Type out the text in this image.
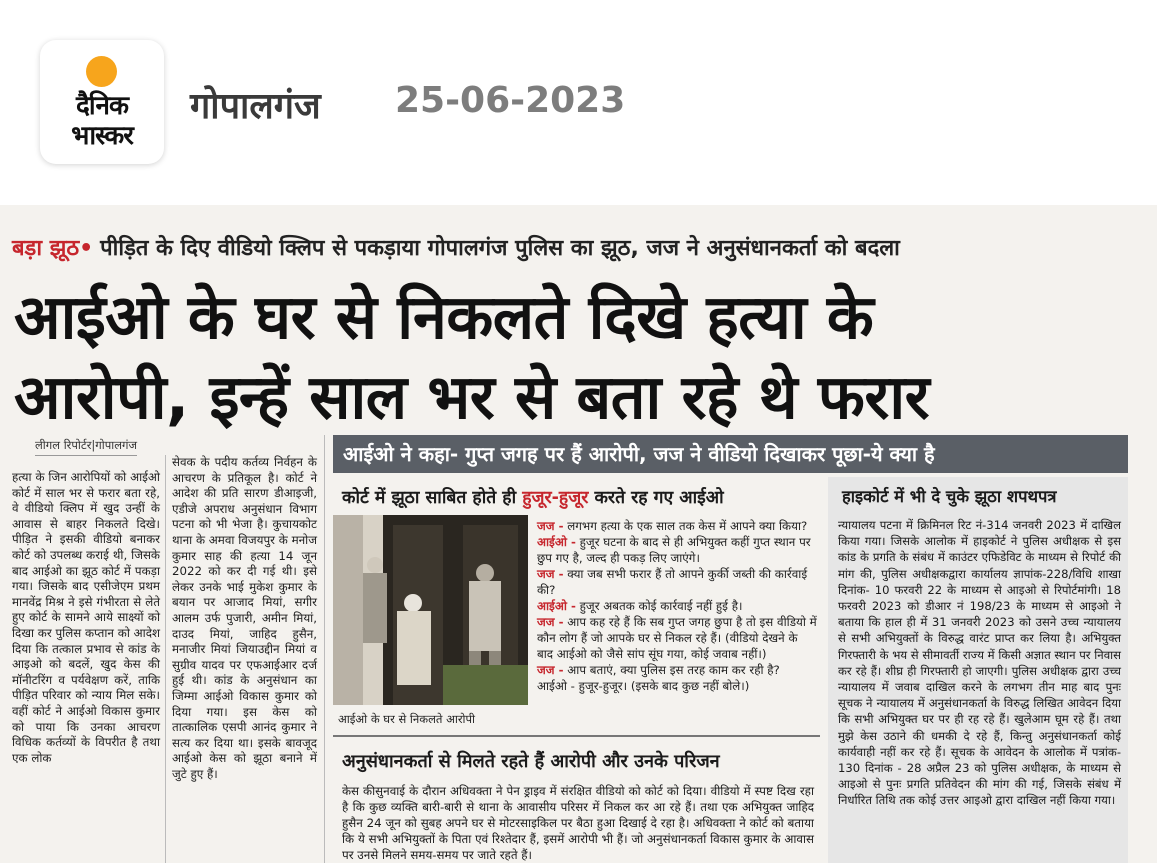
दैनिक
भास्कर
गोपालगंज 25-06-2023
बड़ा झूठ• पीड़ित के दिए वीडियो क्लिप से पकड़ाया गोपालगंज पुलिस का झूठ, जज ने अनुसंधानकर्ता को बदला
आईओ के घर से निकलते दिखे हत्या के
आरोपी, इन्हें साल भर से बता रहे थे फरार
लीगल रिपोर्टर|गोपालगंज
हत्या के जिन आरोपियों को आईओ कोर्ट में साल भर से फरार बता रहे, वे वीडियो क्लिप में खुद उन्हीं के आवास से बाहर निकलते दिखे। पीड़ित ने इसकी वीडियो बनाकर कोर्ट को उपलब्ध कराई थी, जिसके बाद आईओ का झूठ कोर्ट में पकड़ा गया। जिसके बाद एसीजेएम प्रथम मानवेंद्र मिश्र ने इसे गंभीरता से लेते हुए कोर्ट के सामने आये साक्ष्यों को दिखा कर पुलिस कप्तान को आदेश दिया कि तत्काल प्रभाव से कांड के आइओ को बदलें, खुद केस की मॉनीटरिंग व पर्यवेक्षण करें, ताकि पीड़ित परिवार को न्याय मिल सके। वहीं कोर्ट ने आईओ विकास कुमार को पाया कि उनका आचरण विधिक कर्तव्यों के विपरीत है तथा एक लोक
सेवक के पदीय कर्तव्य निर्वहन के आचरण के प्रतिकूल है। कोर्ट ने आदेश की प्रति सारण डीआइजी, एडीजे अपराध अनुसंधान विभाग पटना को भी भेजा है। कुचायकोट थाना के अमवा विजयपुर के मनोज कुमार साह की हत्या 14 जून 2022 को कर दी गई थी। इसे लेकर उनके भाई मुकेश कुमार के बयान पर आजाद मियां, सगीर आलम उर्फ पुजारी, अमीन मियां, दाउद मियां, जाहिद हुसैन, मनाजीर मियां जियाउद्दीन मियां व सुग्रीव यादव पर एफआईआर दर्ज हुई थी। कांड के अनुसंधान का जिम्मा आईओ विकास कुमार को दिया गया। इस केस को तात्कालिक एसपी आनंद कुमार ने सत्य कर दिया था। इसके बावजूद आईओ केस को झूठा बनाने में जुटे हुए हैं।
आईओ ने कहा- गुप्त जगह पर हैं आरोपी, जज ने वीडियो दिखाकर पूछा-ये क्या है
कोर्ट में झूठा साबित होते ही हुजूर-हुजूर करते रह गए आईओ
आईओ के घर से निकलते आरोपी
जज - लगभग हत्या के एक साल तक केस में आपने क्या किया?
आईओ - हुजूर घटना के बाद से ही अभियुक्त कहीं गुप्त स्थान पर छुप गए है, जल्द ही पकड़ लिए जाएंगे।
जज - क्या जब सभी फरार हैं तो आपने कुर्की जब्ती की कार्रवाई की?
आईओ - हुजूर अबतक कोई कार्रवाई नहीं हुई है।
जज - आप कह रहे हैं कि सब गुप्त जगह छुपा है तो इस वीडियो में कौन लोग हैं जो आपके घर से निकल रहे हैं। (वीडियो देखने के बाद आईओ को जैसे सांप सूंघ गया, कोई जवाब नहीं।)
जज - आप बताएं, क्या पुलिस इस तरह काम कर रही है?
आईओ - हुजूर-हुजूर। (इसके बाद कुछ नहीं बोले।)
अनुसंधानकर्ता से मिलते रहते हैं आरोपी और उनके परिजन
केस कीसुनवाई के दौरान अधिवक्ता ने पेन ड्राइव में संरक्षित वीडियो को कोर्ट को दिया। वीडियो में स्पष्ट दिख रहा है कि कुछ व्यक्ति बारी-बारी से थाना के आवासीय परिसर में निकल कर आ रहे हैं। तथा एक अभियुक्त जाहिद हुसैन 24 जून को सुबह अपने घर से मोटरसाइकिल पर बैठा हुआ दिखाई दे रहा है। अधिवक्ता ने कोर्ट को बताया कि ये सभी अभियुक्तों के पिता एवं रिश्तेदार हैं, इसमें आरोपी भी हैं। जो अनुसंधानकर्ता विकास कुमार के आवास पर उनसे मिलने समय-समय पर जाते रहते हैं।
हाइकोर्ट में भी दे चुके झूठा शपथपत्र
न्यायालय पटना में क्रिमिनल रिट नं-314 जनवरी 2023 में दाखिल किया गया। जिसके आलोक में हाइकोर्ट ने पुलिस अधीक्षक से इस कांड के प्रगति के संबंध में काउंटर एफिडेविट के माध्यम से रिपोर्ट की मांग की, पुलिस अधीक्षकद्वारा कार्यालय ज्ञापांक-228/विधि शाखा दिनांक- 10 फरवरी 22 के माध्यम से आइओ से रिपोर्टमांगी। 18 फरवरी 2023 को डीआर नं 198/23 के माध्यम से आइओ ने बताया कि हाल ही में 31 जनवरी 2023 को उसने उच्च न्यायालय से सभी अभियुक्तों के विरुद्ध वारंट प्राप्त कर लिया है। अभियुक्त गिरफ्तारी के भय से सीमावर्ती राज्य में किसी अज्ञात स्थान पर निवास कर रहे हैं। शीघ्र ही गिरफ्तारी हो जाएगी। पुलिस अधीक्षक द्वारा उच्च न्यायालय में जवाब दाखिल करने के लगभग तीन माह बाद पुनः सूचक ने न्यायालय में अनुसंधानकर्ता के विरुद्ध लिखित आवेदन दिया कि सभी अभियुक्त घर पर ही रह रहे हैं। खुलेआम घूम रहे हैं। तथा मुझे केस उठाने की धमकी दे रहे हैं, किन्तु अनुसंधानकर्ता कोई कार्यवाही नहीं कर रहे हैं। सूचक के आवेदन के आलोक में पत्रांक- 130 दिनांक - 28 अप्रैल 23 को पुलिस अधीक्षक, के माध्यम से आइओ से पुनः प्रगति प्रतिवेदन की मांग की गई, जिसके संबंध में निर्धारित तिथि तक कोई उत्तर आइओ द्वारा दाखिल नहीं किया गया।
